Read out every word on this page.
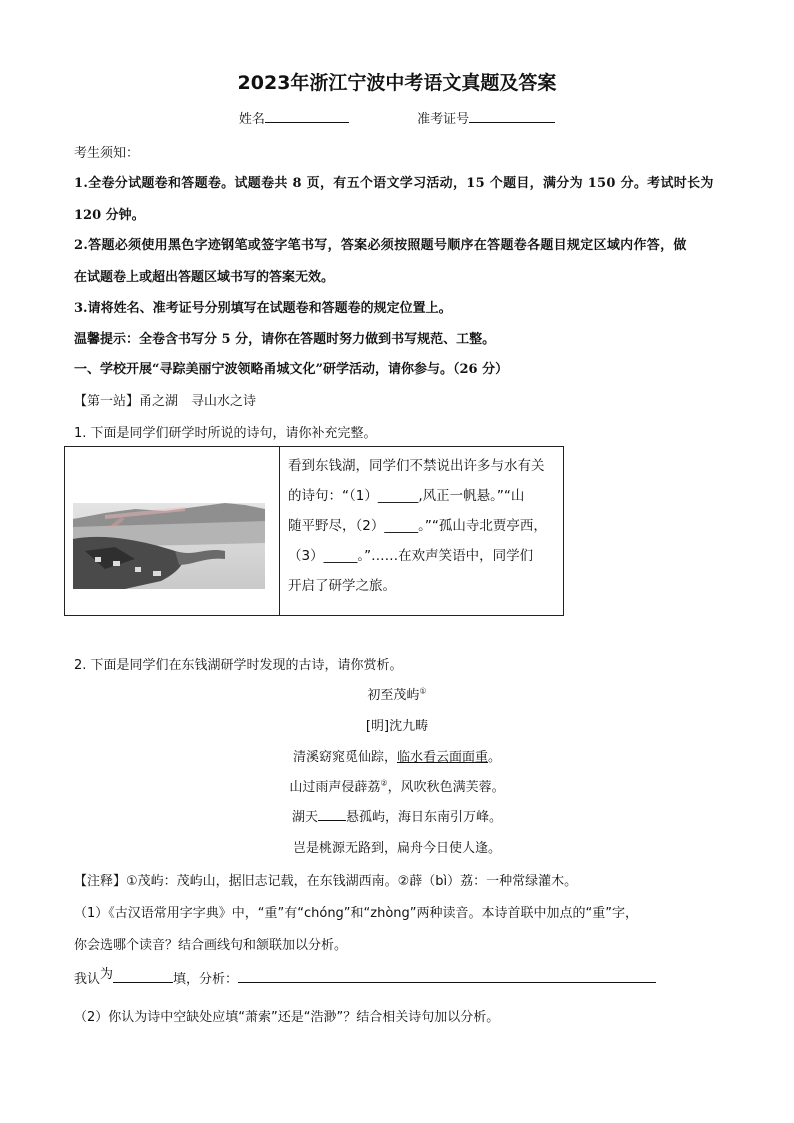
2023年浙江宁波中考语文真题及答案
姓名	准考证号
考生须知：
1.全卷分试题卷和答题卷。试题卷共 8 页，有五个语文学习活动，15 个题目，满分为 150 分。考试时长为
120 分钟。
2.答题必须使用黑色字迹钢笔或签字笔书写，答案必须按照题号顺序在答题卷各题目规定区域内作答，做
在试题卷上或超出答题区域书写的答案无效。
3.请将姓名、准考证号分别填写在试题卷和答题卷的规定位置上。
温馨提示：全卷含书写分 5 分，请你在答题时努力做到书写规范、工整。
一、学校开展“寻踪美丽宁波领略甬城文化”研学活动，请你参与。（26 分）
【第一站】甬之湖　寻山水之诗
1. 下面是同学们研学时所说的诗句，请你补充完整。

看到东钱湖，同学们不禁说出许多与水有关
的诗句：“（1）______,风正一帆悬。”“山
随平野尽，（2）_____。”“孤山寺北贾亭西，
（3）_____。”……在欢声笑语中，同学们
开启了研学之旅。
2. 下面是同学们在东钱湖研学时发现的古诗，请你赏析。
初至茂屿①
[明]沈九畴
清溪窈窕觅仙踪，临水看云面面重。
山过雨声侵薜荔②，风吹秋色满芙蓉。
湖天 悬孤屿，海日东南引万峰。
岂是桃源无路到，扁舟今日使人逢。
【注释】①茂屿：茂屿山，据旧志记载，在东钱湖西南。②薜（bì）荔：一种常绿灌木。
（1）《古汉语常用字字典》中，“重”有“chóng”和“zhòng”两种读音。本诗首联中加点的“重”字，
你会选哪个读音？结合画线句和颔联加以分析。
我认为	填，分析：
（2）你认为诗中空缺处应填“萧索”还是“浩渺”？结合相关诗句加以分析。
